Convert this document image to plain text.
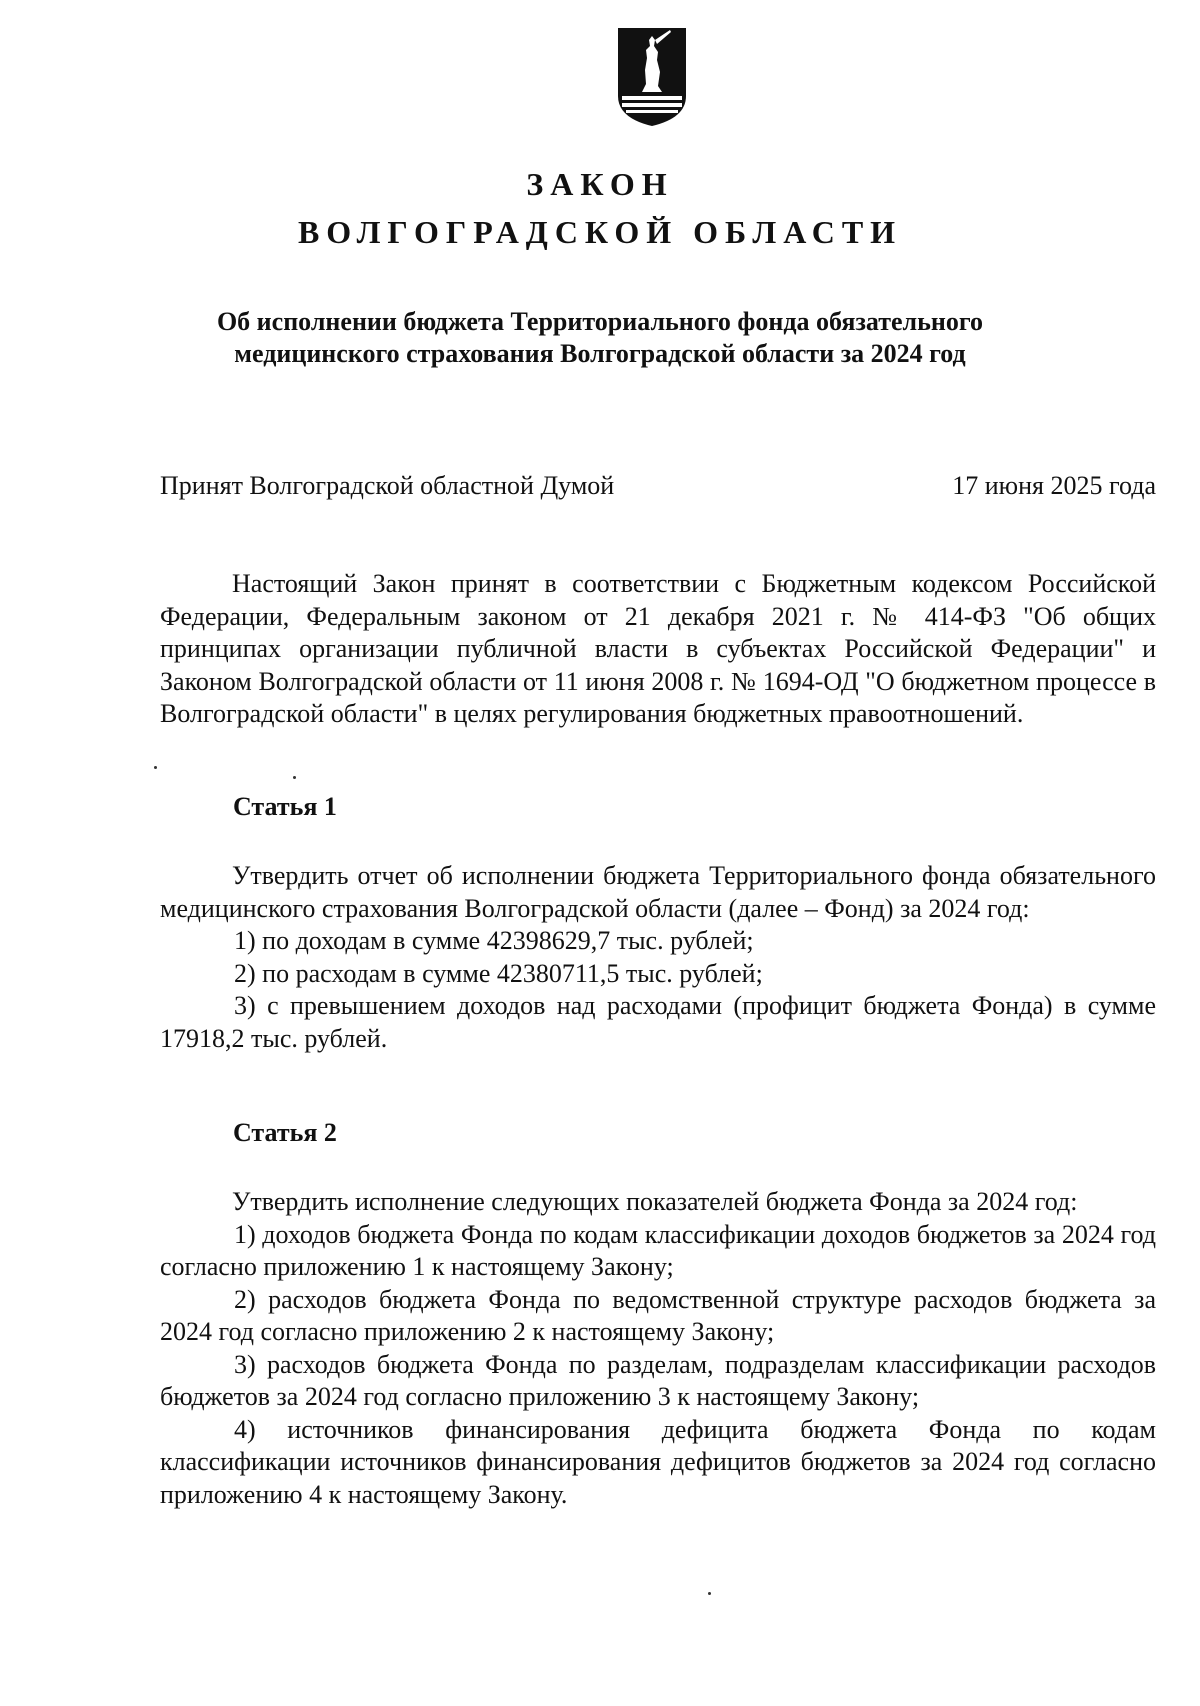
ЗАКОН
ВОЛГОГРАДСКОЙ ОБЛАСТИ
Об исполнении бюджета Территориального фонда обязательного
медицинского страхования Волгоградской области за 2024 год
Принят Волгоградской областной Думой	17 июня 2025 года

Настоящий Закон принят в соответствии с Бюджетным кодексом Российской Федерации, Федеральным законом от 21 декабря 2021 г. № 414-ФЗ "Об общих принципах организации публичной власти в субъектах Российской Федерации" и Законом Волгоградской области от 11 июня 2008 г. № 1694-ОД "О бюджетном процессе в Волгоградской области" в целях регулирования бюджетных правоотношений.

Статья 1

Утвердить отчет об исполнении бюджета Территориального фонда обязательного медицинского страхования Волгоградской области (далее – Фонд) за 2024 год:

1) по доходам в сумме 42398629,7 тыс. рублей;

2) по расходам в сумме 42380711,5 тыс. рублей;

3) с превышением доходов над расходами (профицит бюджета Фонда) в сумме 17918,2 тыс. рублей.

Статья 2

Утвердить исполнение следующих показателей бюджета Фонда за 2024 год:

1) доходов бюджета Фонда по кодам классификации доходов бюджетов за 2024 год согласно приложению 1 к настоящему Закону;

2) расходов бюджета Фонда по ведомственной структуре расходов бюджета за 2024 год согласно приложению 2 к настоящему Закону;

3) расходов бюджета Фонда по разделам, подразделам классификации расходов бюджетов за 2024 год согласно приложению 3 к настоящему Закону;

4) источников финансирования дефицита бюджета Фонда по кодам классификации источников финансирования дефицитов бюджетов за 2024 год согласно приложению 4 к настоящему Закону.
